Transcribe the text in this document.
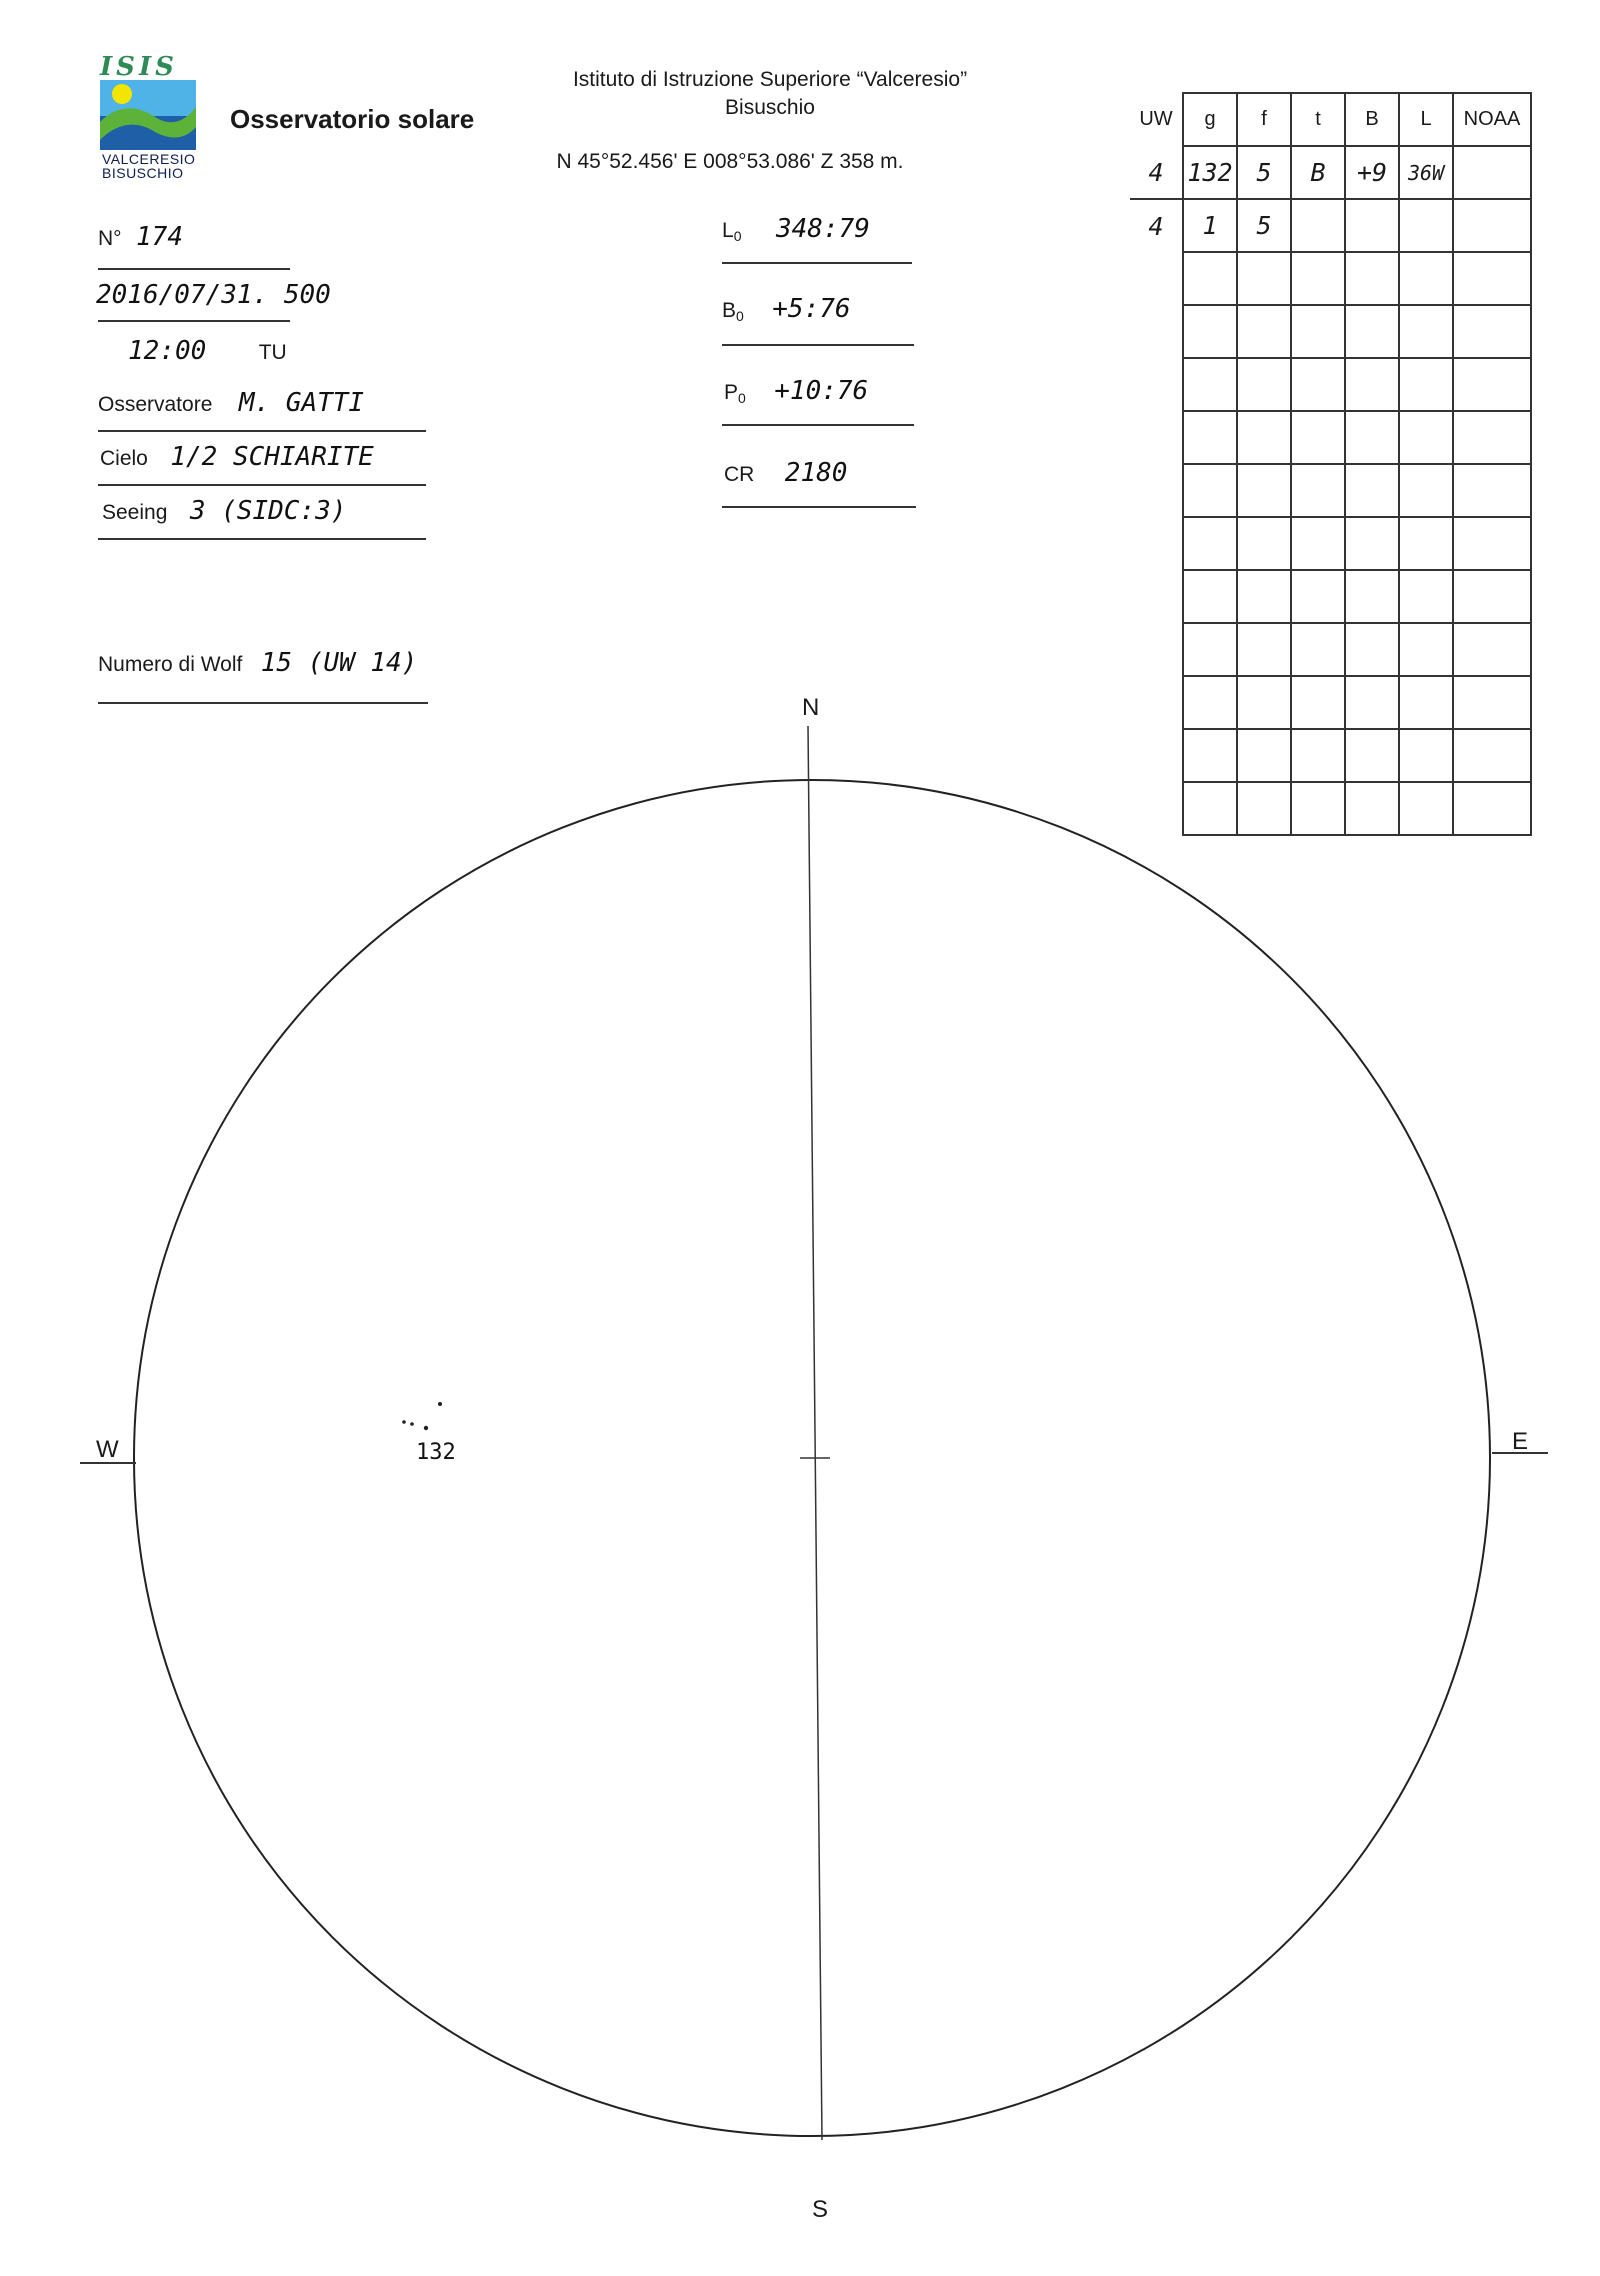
ISIS
VALCERESIO
BISUSCHIO
Osservatorio solare
Istituto di Istruzione Superiore “Valceresio”
Bisuschio
N 45°52.456' E 008°53.086' Z 358 m.
N° 174
2016/07/31. 500
12:00 TU
Osservatore M. GATTI
Cielo 1/2 SCHIARITE
Seeing 3 (SIDC:3)
Numero di Wolf 15 (UW 14)
$L_0$ 348:79
$B_0$ +5:76
$P_0$ +10:76
CR 2180
UW	g	f	t	B	L	NOAA
4	132	5	B	+9	36W	
4	1	5				

N
S
E
W	132
